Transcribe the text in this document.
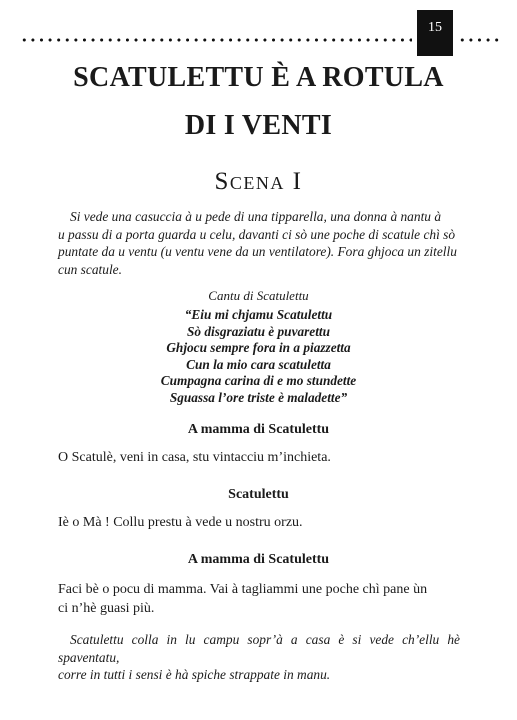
15
SCATULETTU È A ROTULA
DI I VENTI
Scena I
Si vede una casuccia à u pede di una tipparella, una donna à nantu à
u passu di a porta guarda u celu, davanti ci sò une poche di scatule chì sò
puntate da u ventu (u ventu vene da un ventilatore). Fora ghjoca un zitellu
cun scatule.
Cantu di Scatulettu
“Eiu mi chjamu Scatulettu
Sò disgraziatu è puvarettu
Ghjocu sempre fora in a piazzetta
Cun la mio cara scatuletta
Cumpagna carina di e mo stundette
Sguassa l’ore triste è maladette”
A mamma di Scatulettu
O Scatulè, veni in casa, stu vintacciu m’inchieta.
Scatulettu
Iè o Mà ! Collu prestu à vede u nostru orzu.
A mamma di Scatulettu
Faci bè o pocu di mamma. Vai à tagliammi une poche chì pane ùn
ci n’hè guasi più.
Scatulettu colla in lu campu sopr’à a casa è si vede ch’ellu hè spaventatu,
corre in tutti i sensi è hà spiche strappate in manu.
